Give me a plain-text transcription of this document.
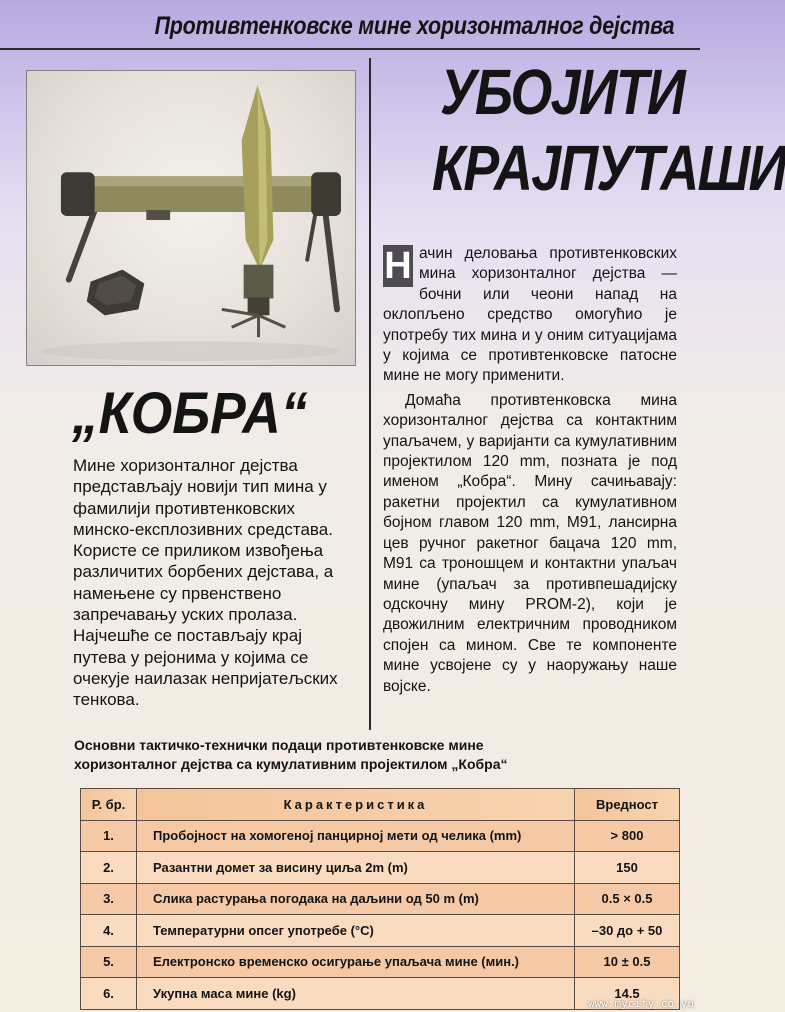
Противтенковске мине хоризонталног дејства
УБОЈИТИ
КРАЈПУТАШИ
„КОБРА“

Мине хоризонталног дејства представљају новији тип мина у фамилији противтенковских минско-експлозивних средстава. Користе се приликом извођења различитих борбених дејстава, а намењене су првенствено запречавању уских пролаза. Најчешће се постављају крај путева у рејонима у којима се очекује наилазак непријатељских тенкова.

Н ачин деловања противтенковских мина хоризонталног дејства — бочни или чеони напад на оклопљено средство омогућио је употребу тих мина и у оним ситуацијама у којима се противтенковске патосне мине не могу применити.

Домаћа противтенковска мина хоризонталног дејства са контактним упаљачем, у варијанти са кумулативним пројектилом 120 mm, позната је под именом „Кобра“. Мину сачињавају: ракетни пројектил са кумулативном бојном главом 120 mm, М91, лансирна цев ручног ракетног бацача 120 mm, М91 са троношцем и контактни упаљач мине (упаљач за противпешадијску одскочну мину PROM-2), који је двожилним електричним проводником спојен са мином. Све те компоненте мине усвојене су у наоружању наше војске.

Основни тактичко-технички подаци противтенковске мине
хоризонталног дејства са кумулативним пројектилом „Кобра“
Р. бр.	Карактеристика	Вредност
1.	Пробојност на хомогеној панцирној мети од челика (mm)	> 800
2.	Разантни домет за висину циља 2m (m)	150
3.	Слика растурања погодака на даљини од 50 m (m)	0.5 × 0.5
4.	Температурни опсег употребе (°C)	–30 до + 50
5.	Електронско временско осигурање упаљача мине (мин.)	10 ± 0.5
6.	Укупна маса мине (kg)	14.5
www.mycity.co.yu
